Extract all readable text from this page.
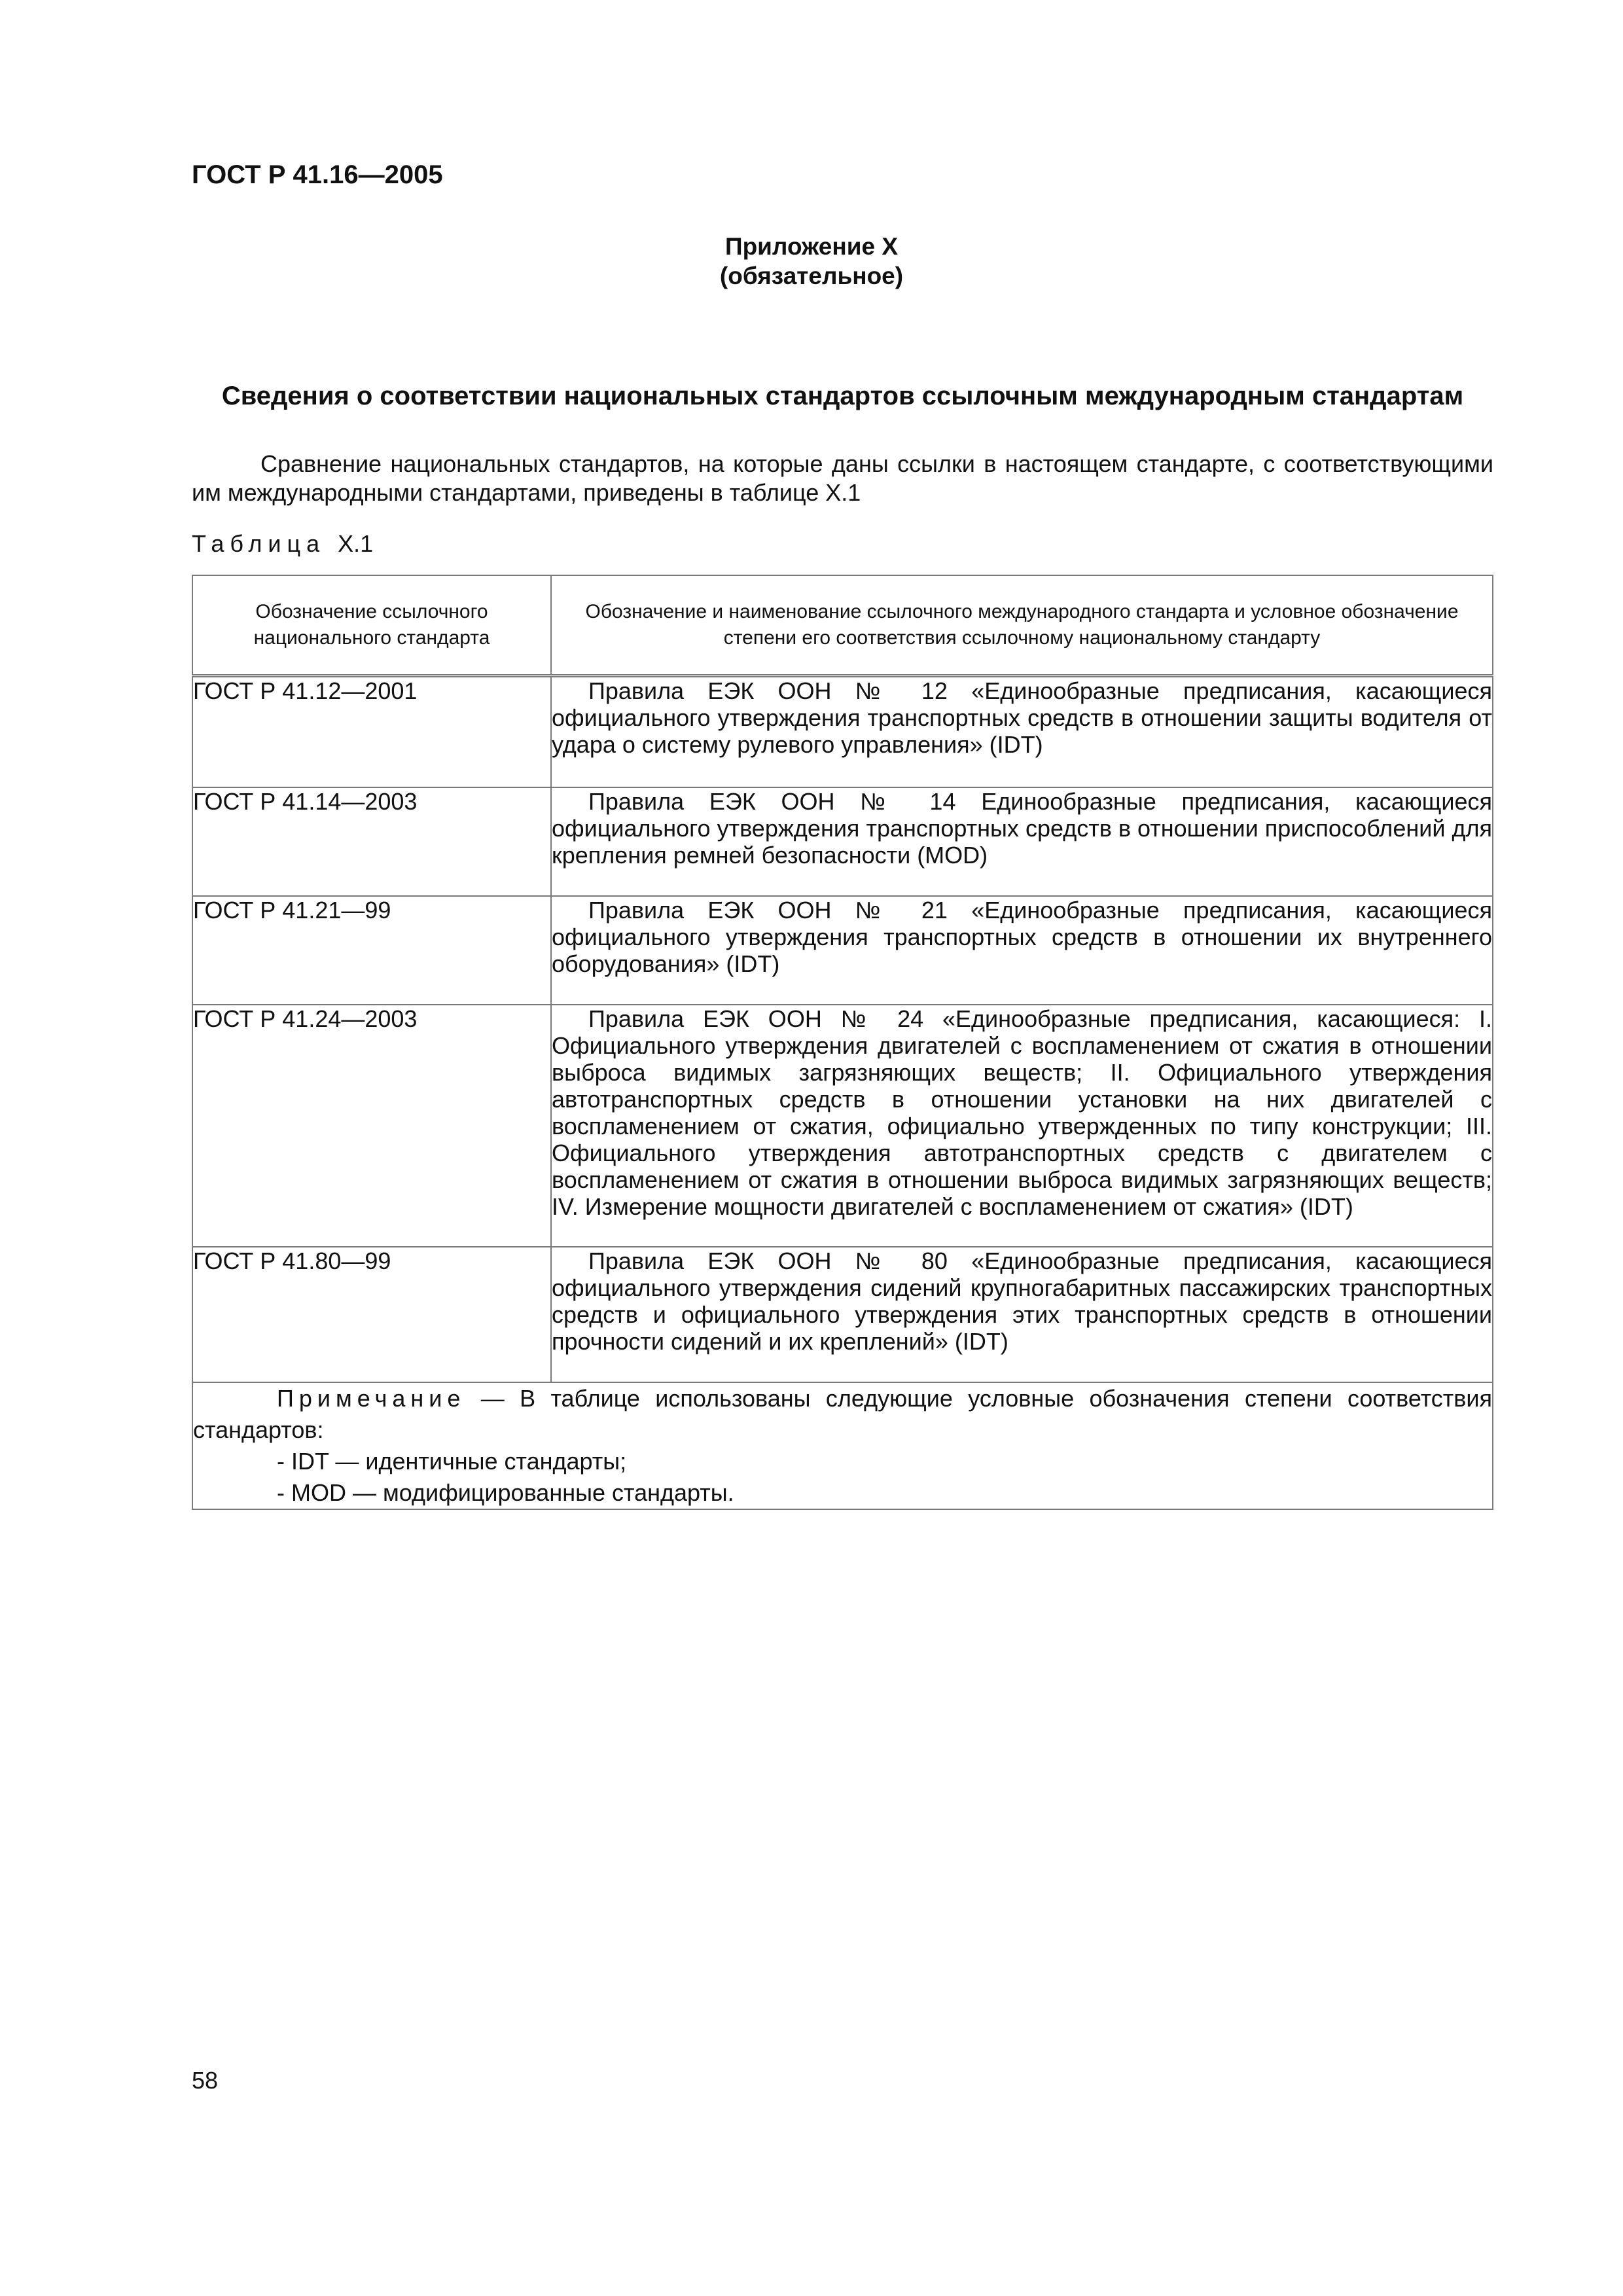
ГОСТ Р 41.16—2005
Приложение X
(обязательное)
Сведения о соответствии национальных стандартов ссылочным международным стандартам
Сравнение национальных стандартов, на которые даны ссылки в настоящем стандарте, с соответствующими
им международными стандартами, приведены в таблице Х.1
Таблица Х.1
Обозначение ссылочного национального стандарта	Обозначение и наименование ссылочного международного стандарта и условное обозначение степени его соответствия ссылочному национальному стандарту
ГОСТ Р 41.12—2001	Правила ЕЭК ООН № 12 «Единообразные предписания, касающиеся официального утверждения транспортных средств в отношении защиты водителя от удара о систему рулевого управления» (IDT)

ГОСТ Р 41.14—2003	Правила ЕЭК ООН № 14 Единообразные предписания, касающиеся официального утверждения транспортных средств в отношении приспособлений для крепления ремней безопасности (MOD)

ГОСТ Р 41.21—99	Правила ЕЭК ООН № 21 «Единообразные предписания, касающиеся официального утверждения транспортных средств в отношении их внутреннего оборудования» (IDT)

ГОСТ Р 41.24—2003	Правила ЕЭК ООН № 24 «Единообразные предписания, касающиеся: I. Официального утверждения двигателей с воспламенением от сжатия в отношении выброса видимых загрязняющих веществ; II. Официального утверждения автотранспортных средств в отношении установки на них двигателей с воспламенением от сжатия, официально утвержденных по типу конструкции; III. Официального утверждения автотранспортных средств с двигателем с воспламенением от сжатия в отношении выброса видимых загрязняющих веществ; IV. Измерение мощности двигателей с воспламенением от сжатия» (IDT)

ГОСТ Р 41.80—99	Правила ЕЭК ООН № 80 «Единообразные предписания, касающиеся официального утверждения сидений крупногабаритных пассажирских транспортных средств и официального утверждения этих транспортных средств в отношении прочности сидений и их креплений» (IDT)

Примечание — В таблице использованы следующие условные обозначения степени соответствия стандартов:
- IDT — идентичные стандарты;
- MOD — модифицированные стандарты.	
58
